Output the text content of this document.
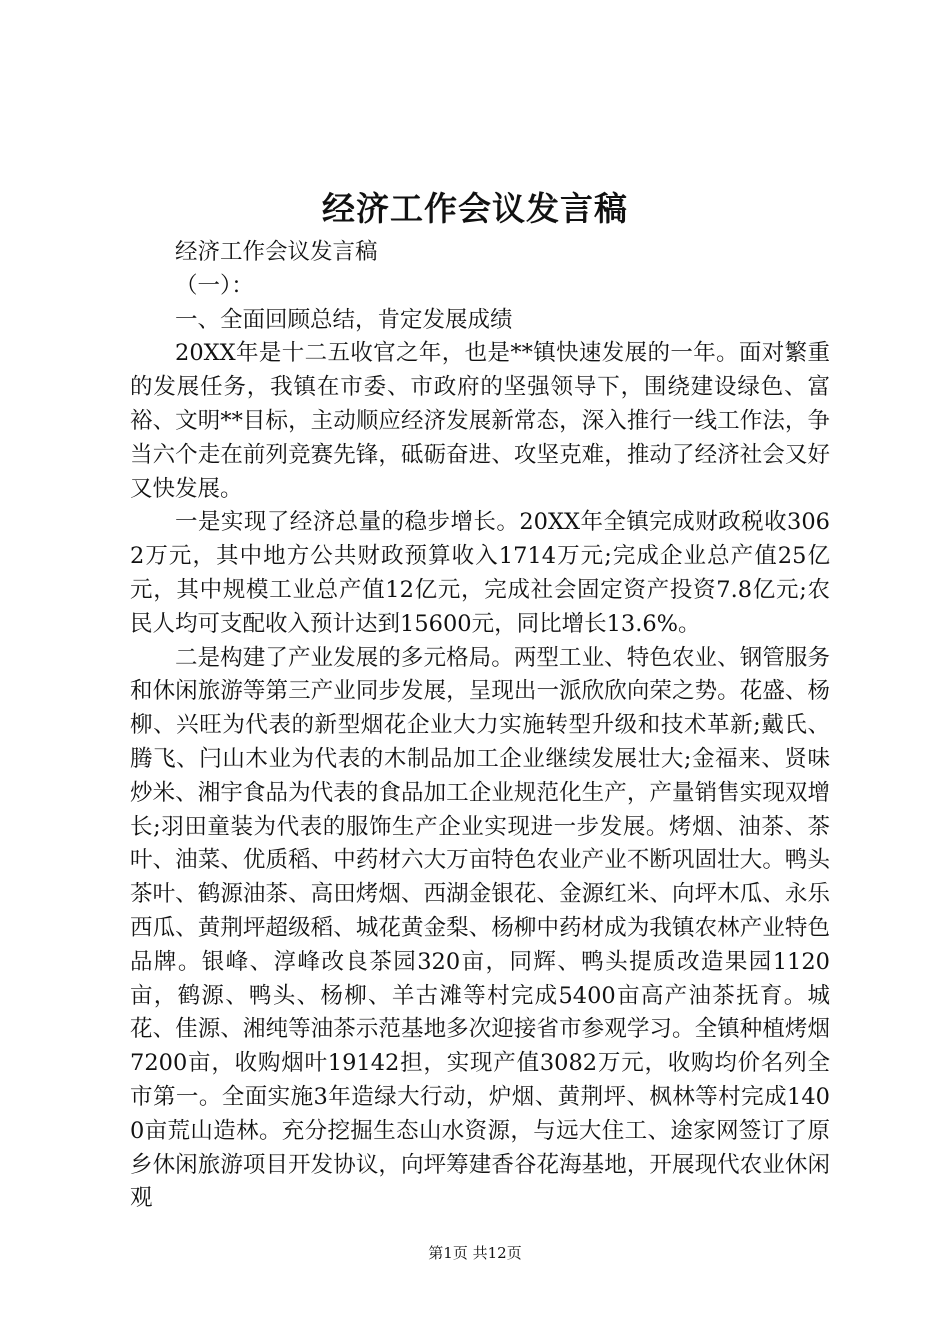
经济工作会议发言稿

经济工作会议发言稿

（一）：

一、全面回顾总结，肯定发展成绩

20XX年是十二五收官之年，也是**镇快速发展的一年。面对繁重的发展任务，我镇在市委、市政府的坚强领导下，围绕建设绿色、富裕、文明**目标，主动顺应经济发展新常态，深入推行一线工作法，争当六个走在前列竞赛先锋，砥砺奋进、攻坚克难，推动了经济社会又好又快发展。

一是实现了经济总量的稳步增长。20XX年全镇完成财政税收3062万元，其中地方公共财政预算收入1714万元;完成企业总产值25亿元，其中规模工业总产值12亿元，完成社会固定资产投资7.8亿元;农民人均可支配收入预计达到15600元，同比增长13.6%。

二是构建了产业发展的多元格局。两型工业、特色农业、钢管服务和休闲旅游等第三产业同步发展，呈现出一派欣欣向荣之势。花盛、杨柳、兴旺为代表的新型烟花企业大力实施转型升级和技术革新;戴氏、腾飞、闩山木业为代表的木制品加工企业继续发展壮大;金福来、贤味炒米、湘宇食品为代表的食品加工企业规范化生产，产量销售实现双增长;羽田童装为代表的服饰生产企业实现进一步发展。烤烟、油茶、茶叶、油菜、优质稻、中药材六大万亩特色农业产业不断巩固壮大。鸭头茶叶、鹤源油茶、高田烤烟、西湖金银花、金源红米、向坪木瓜、永乐西瓜、黄荆坪超级稻、城花黄金梨、杨柳中药材成为我镇农林产业特色品牌。银峰、淳峰改良茶园320亩，同辉、鸭头提质改造果园1120亩，鹤源、鸭头、杨柳、羊古滩等村完成5400亩高产油茶抚育。城花、佳源、湘纯等油茶示范基地多次迎接省市参观学习。全镇种植烤烟7200亩，收购烟叶19142担，实现产值3082万元，收购均价名列全市第一。全面实施3年造绿大行动，炉烟、黄荆坪、枫林等村完成1400亩荒山造林。充分挖掘生态山水资源，与远大住工、途家网签订了原乡休闲旅游项目开发协议，向坪筹建香谷花海基地，开展现代农业休闲观

第1页 共12页
